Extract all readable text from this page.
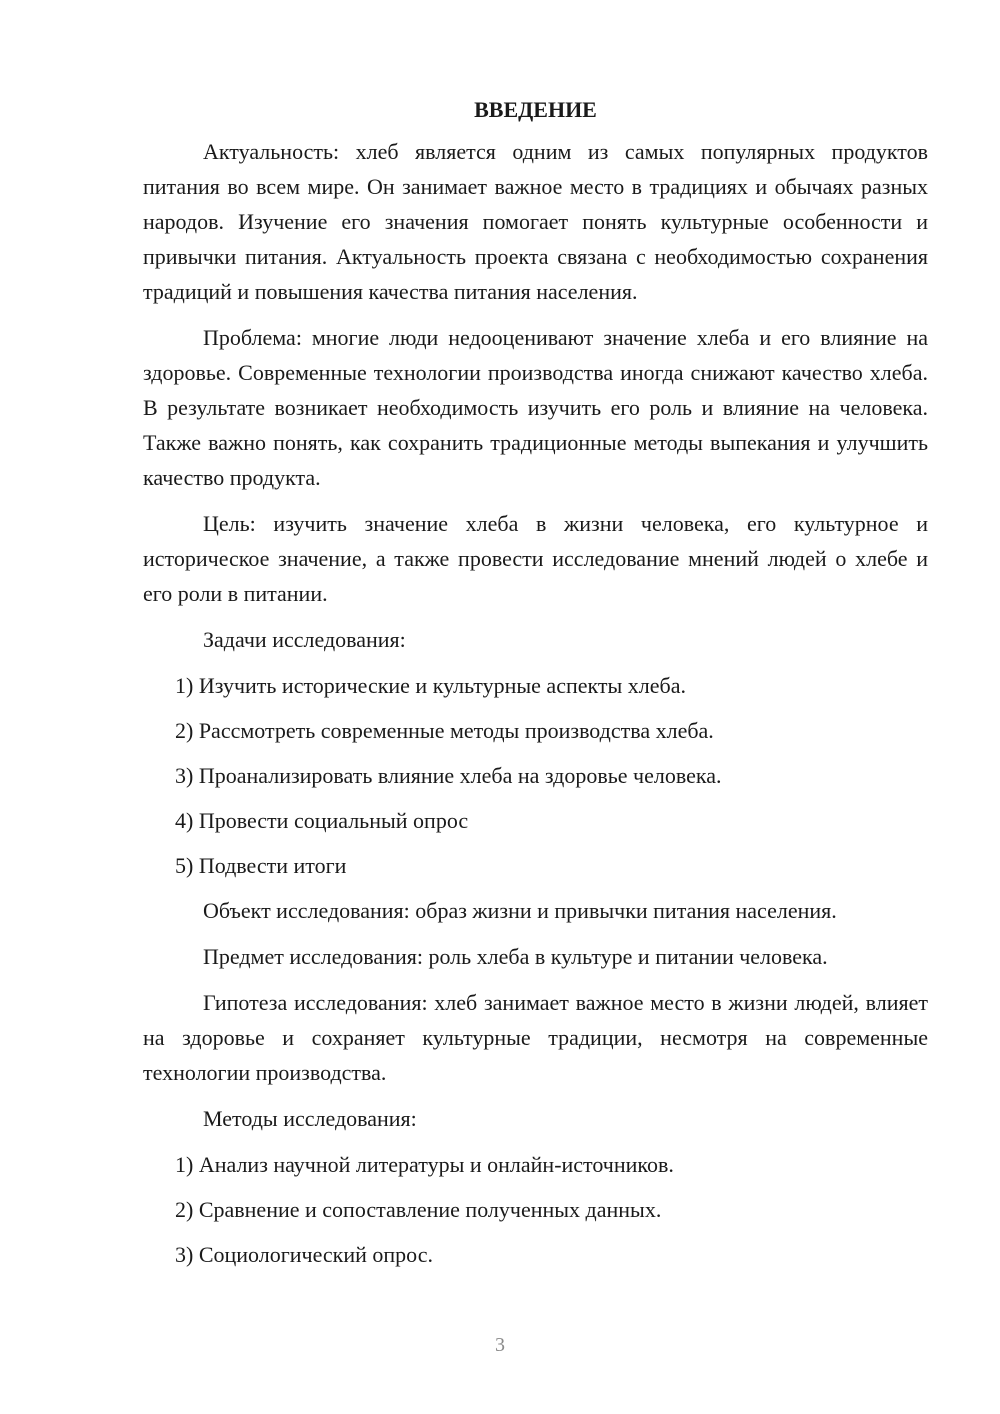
ВВЕДЕНИЕ

Актуальность: хлеб является одним из самых популярных продуктов питания во всем мире. Он занимает важное место в традициях и обычаях разных народов. Изучение его значения помогает понять культурные особенности и привычки питания. Актуальность проекта связана с необходимостью сохранения традиций и повышения качества питания населения.

Проблема: многие люди недооценивают значение хлеба и его влияние на здоровье. Современные технологии производства иногда снижают качество хлеба. В результате возникает необходимость изучить его роль и влияние на человека. Также важно понять, как сохранить традиционные методы выпекания и улучшить качество продукта.

Цель: изучить значение хлеба в жизни человека, его культурное и историческое значение, а также провести исследование мнений людей о хлебе и его роли в питании.

Задачи исследования:

1) Изучить исторические и культурные аспекты хлеба.

2) Рассмотреть современные методы производства хлеба.

3) Проанализировать влияние хлеба на здоровье человека.

4) Провести социальный опрос

5) Подвести итоги

Объект исследования: образ жизни и привычки питания населения.

Предмет исследования: роль хлеба в культуре и питании человека.

Гипотеза исследования: хлеб занимает важное место в жизни людей, влияет на здоровье и сохраняет культурные традиции, несмотря на современные технологии производства.

Методы исследования:

1) Анализ научной литературы и онлайн-источников.

2) Сравнение и сопоставление полученных данных.

3) Социологический опрос.

3
